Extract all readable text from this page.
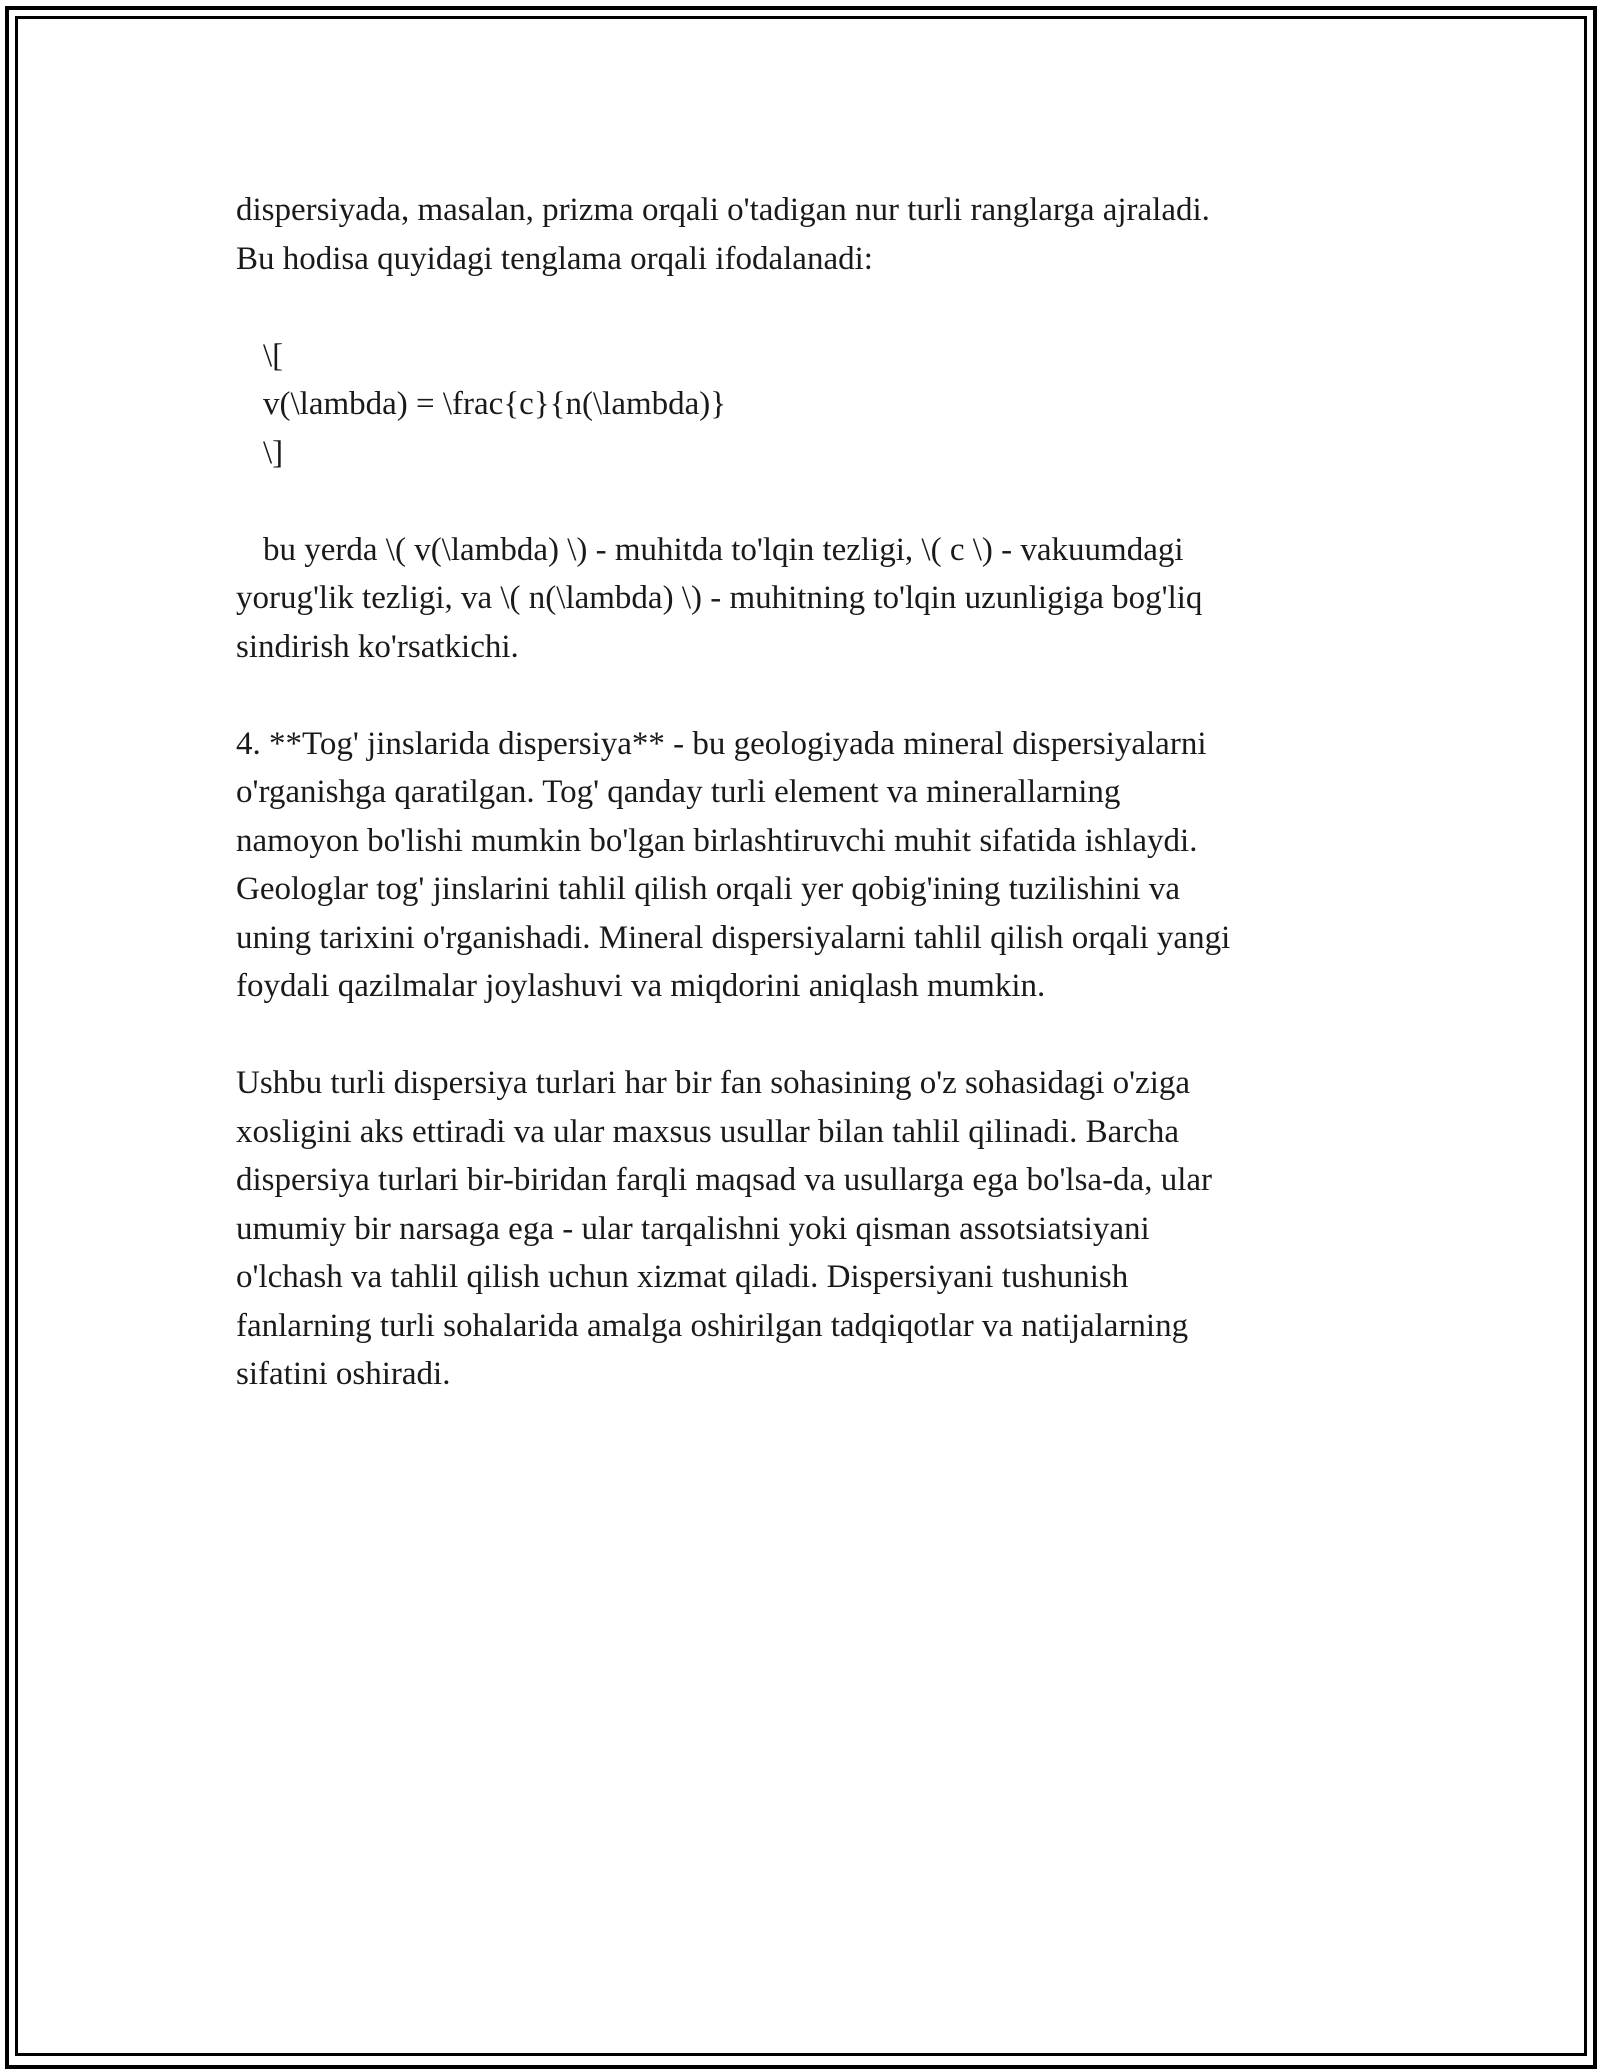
dispersiyada, masalan, prizma orqali o'tadigan nur turli ranglarga ajraladi.
Bu hodisa quyidagi tenglama orqali ifodalanadi:
\[
v(\lambda) = \frac{c}{n(\lambda)}
\]
bu yerda \( v(\lambda) \) - muhitda to'lqin tezligi, \( c \) - vakuumdagi
yorug'lik tezligi, va \( n(\lambda) \) - muhitning to'lqin uzunligiga bog'liq
sindirish ko'rsatkichi.
4. **Tog' jinslarida dispersiya** - bu geologiyada mineral dispersiyalarni
o'rganishga qaratilgan. Tog' qanday turli element va minerallarning
namoyon bo'lishi mumkin bo'lgan birlashtiruvchi muhit sifatida ishlaydi.
Geologlar tog' jinslarini tahlil qilish orqali yer qobig'ining tuzilishini va
uning tarixini o'rganishadi. Mineral dispersiyalarni tahlil qilish orqali yangi
foydali qazilmalar joylashuvi va miqdorini aniqlash mumkin.
Ushbu turli dispersiya turlari har bir fan sohasining o'z sohasidagi o'ziga
xosligini aks ettiradi va ular maxsus usullar bilan tahlil qilinadi. Barcha
dispersiya turlari bir-biridan farqli maqsad va usullarga ega bo'lsa-da, ular
umumiy bir narsaga ega - ular tarqalishni yoki qisman assotsiatsiyani
o'lchash va tahlil qilish uchun xizmat qiladi. Dispersiyani tushunish
fanlarning turli sohalarida amalga oshirilgan tadqiqotlar va natijalarning
sifatini oshiradi.
